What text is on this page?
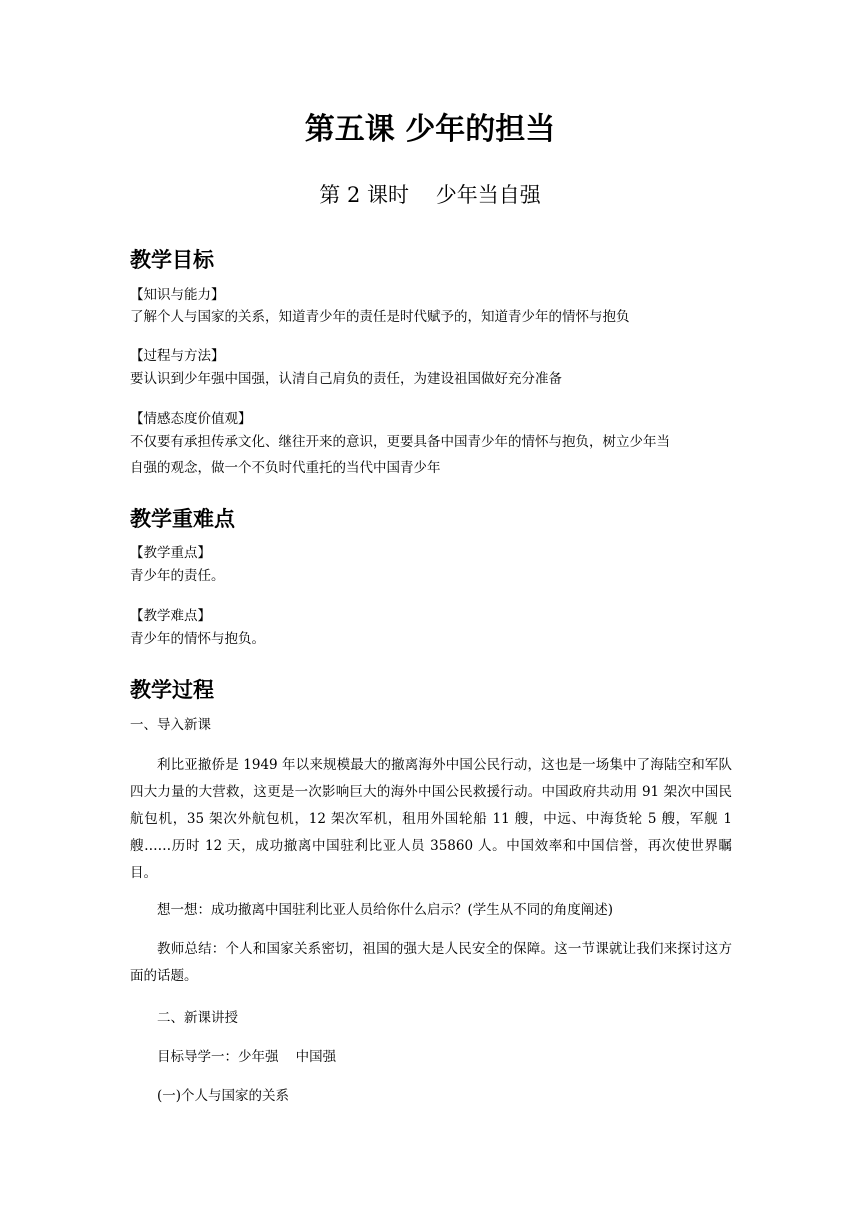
第五课 少年的担当
第 2 课时    少年当自强
教学目标
【知识与能力】
了解个人与国家的关系，知道青少年的责任是时代赋予的，知道青少年的情怀与抱负
【过程与方法】
要认识到少年强中国强，认清自己肩负的责任，为建设祖国做好充分准备
【情感态度价值观】
不仅要有承担传承文化、继往开来的意识，更要具备中国青少年的情怀与抱负，树立少年当
自强的观念，做一个不负时代重托的当代中国青少年
教学重难点
【教学重点】
青少年的责任。
【教学难点】
青少年的情怀与抱负。
教学过程
一、导入新课
利比亚撤侨是 1949 年以来规模最大的撤离海外中国公民行动，这也是一场集中了海陆空和军队四大力量的大营救，这更是一次影响巨大的海外中国公民救援行动。中国政府共动用 91 架次中国民航包机，35 架次外航包机，12 架次军机，租用外国轮船 11 艘，中远、中海货轮 5 艘，军舰 1 艘……历时 12 天，成功撤离中国驻利比亚人员 35860 人。中国效率和中国信誉，再次使世界瞩目。
想一想：成功撤离中国驻利比亚人员给你什么启示？(学生从不同的角度阐述)
教师总结：个人和国家关系密切，祖国的强大是人民安全的保障。这一节课就让我们来探讨这方面的话题。
二、新课讲授
目标导学一：少年强    中国强
(一)个人与国家的关系
